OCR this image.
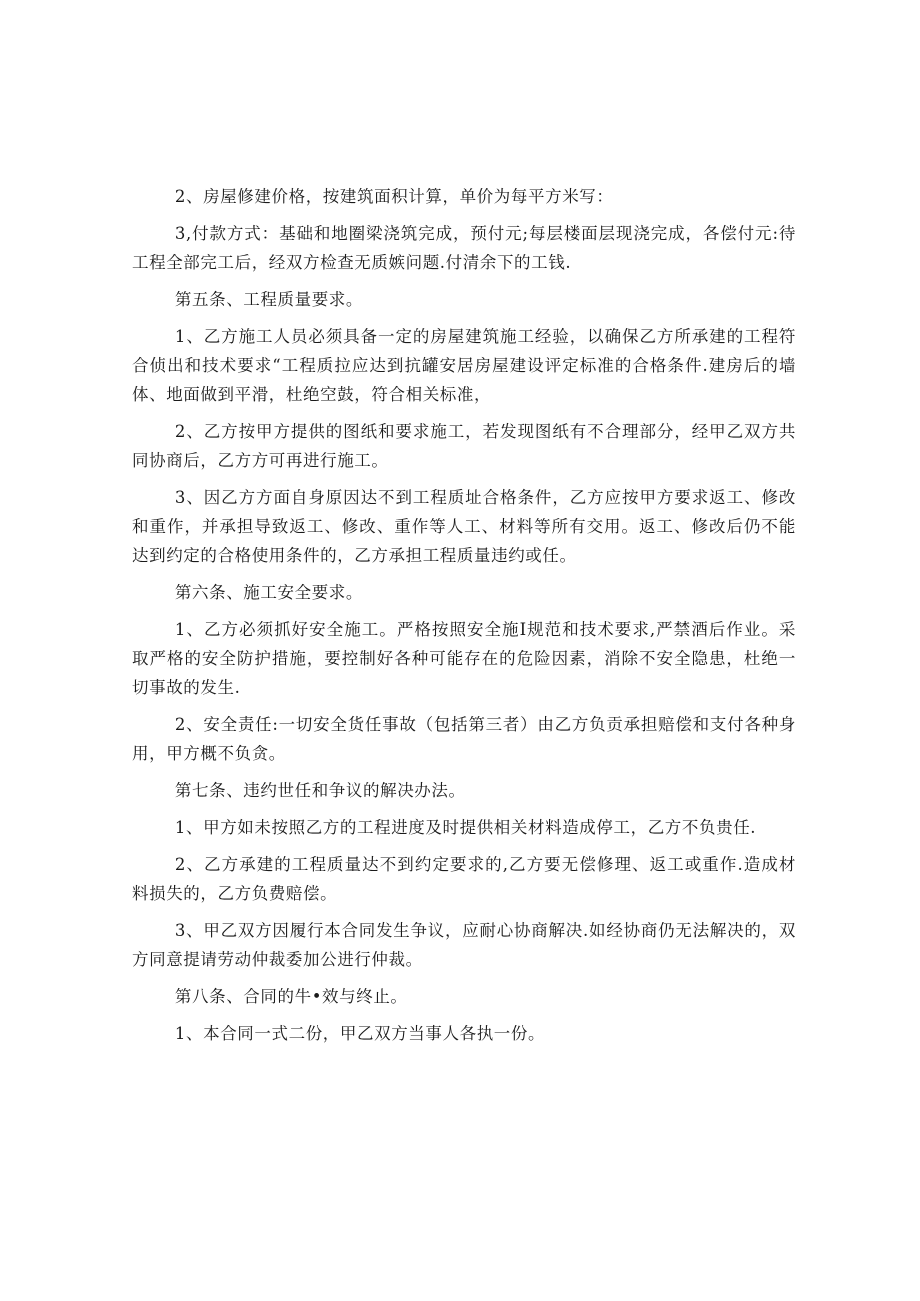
2、房屋修建价格，按建筑面积计算，单价为每平方米写：

3,付款方式：基础和地圈梁浇筑完成，预付元;每层楼面层现浇完成，各偿付元:待工程全部完工后，经双方检查无质嫉问题.付清余下的工钱.

第五条、工程质量要求。

1、乙方施工人员必须具备一定的房屋建筑施工经验，以确保乙方所承建的工程符合侦出和技术要求“工程质拉应达到抗罐安居房屋建设评定标准的合格条件.建房后的墙体、地面做到平滑，杜绝空鼓，符合相关标准，

2、乙方按甲方提供的图纸和要求施工，若发现图纸有不合理部分，经甲乙双方共同协商后，乙方方可再进行施工。

3、因乙方方面自身原因达不到工程质址合格条件，乙方应按甲方要求返工、修改和重作，并承担导致返工、修改、重作等人工、材料等所有交用。返工、修改后仍不能达到约定的合格使用条件的，乙方承担工程质量违约或任。

第六条、施工安全要求。

1、乙方必须抓好安全施工。严格按照安全施I规范和技术要求,严禁酒后作业。采取严格的安全防护措施，要控制好各种可能存在的危险因素，消除不安全隐患，杜绝一切事故的发生.

2、安全责任:一切安全货任事故（包括第三者）由乙方负贡承担赔偿和支付各种身用，甲方概不负贪。

第七条、违约世任和争议的解决办法。

1、甲方如未按照乙方的工程进度及时提供相关材料造成停工，乙方不负贵任.

2、乙方承建的工程质量达不到约定要求的,乙方要无偿修理、返工或重作.造成材料损失的，乙方负费赔偿。

3、甲乙双方因履行本合同发生争议，应耐心协商解决.如经协商仍无法解决的，双方同意提请劳动仲裁委加公进行仲裁。

第八条、合同的牛•效与终止。

1、本合同一式二份，甲乙双方当事人各执一份。
